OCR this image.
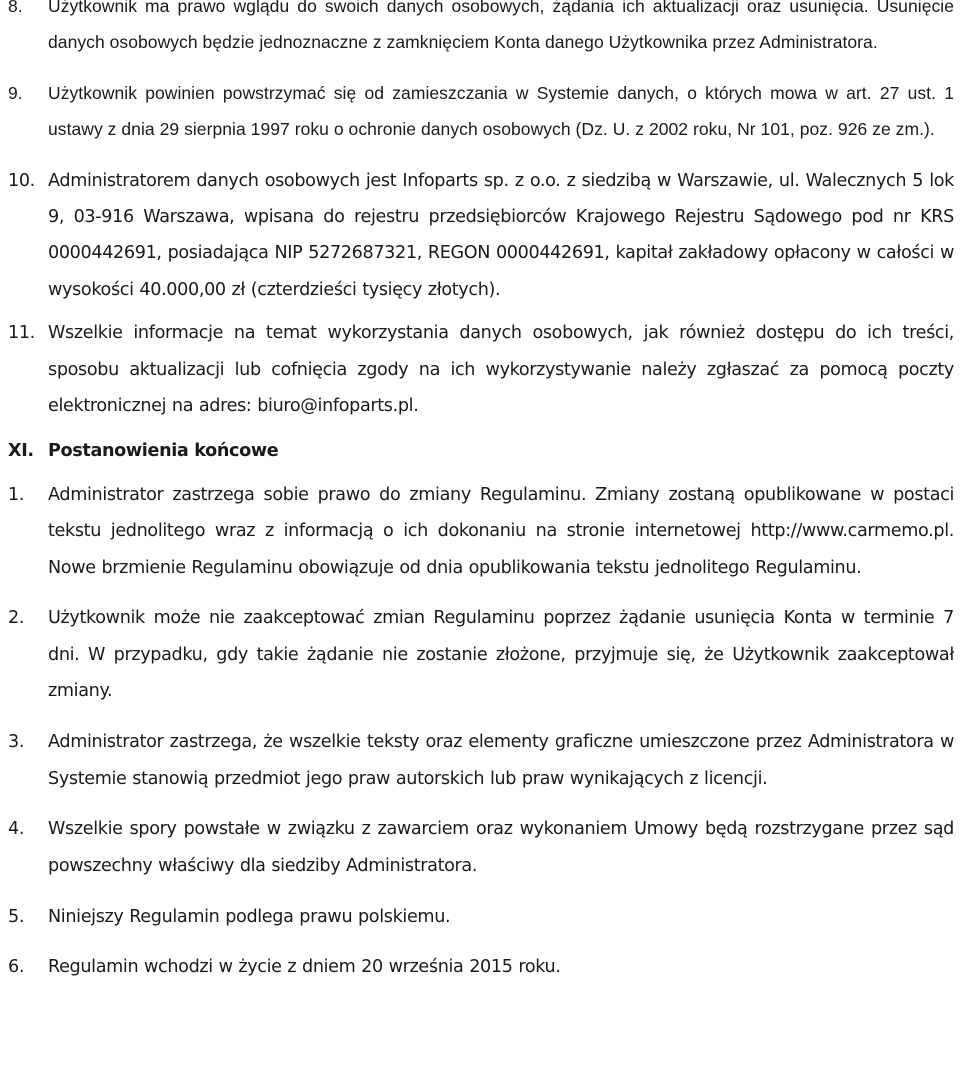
8. Użytkownik ma prawo wglądu do swoich danych osobowych, żądania ich aktualizacji oraz usunięcia. Usunięcie danych osobowych będzie jednoznaczne z zamknięciem Konta danego Użytkownika przez Administratora.
9. Użytkownik powinien powstrzymać się od zamieszczania w Systemie danych, o których mowa w art. 27 ust. 1 ustawy z dnia 29 sierpnia 1997 roku o ochronie danych osobowych (Dz. U. z 2002 roku, Nr 101, poz. 926 ze zm.).
10. Administratorem danych osobowych jest Infoparts sp. z o.o. z siedzibą w Warszawie, ul. Walecznych 5 lok 9, 03-916 Warszawa, wpisana do rejestru przedsiębiorców Krajowego Rejestru Sądowego pod nr KRS 0000442691, posiadająca NIP 5272687321, REGON 0000442691, kapitał zakładowy opłacony w całości w wysokości 40.000,00 zł (czterdzieści tysięcy złotych).
11. Wszelkie informacje na temat wykorzystania danych osobowych, jak również dostępu do ich treści, sposobu aktualizacji lub cofnięcia zgody na ich wykorzystywanie należy zgłaszać za pomocą poczty elektronicznej na adres: biuro@infoparts.pl.
XI. Postanowienia końcowe
1. Administrator zastrzega sobie prawo do zmiany Regulaminu. Zmiany zostaną opublikowane w postaci tekstu jednolitego wraz z informacją o ich dokonaniu na stronie internetowej http://www.carmemo.pl. Nowe brzmienie Regulaminu obowiązuje od dnia opublikowania tekstu jednolitego Regulaminu.
2. Użytkownik może nie zaakceptować zmian Regulaminu poprzez żądanie usunięcia Konta w terminie 7 dni. W przypadku, gdy takie żądanie nie zostanie złożone, przyjmuje się, że Użytkownik zaakceptował zmiany.
3. Administrator zastrzega, że wszelkie teksty oraz elementy graficzne umieszczone przez Administratora w Systemie stanowią przedmiot jego praw autorskich lub praw wynikających z licencji.
4. Wszelkie spory powstałe w związku z zawarciem oraz wykonaniem Umowy będą rozstrzygane przez sąd powszechny właściwy dla siedziby Administratora.
5. Niniejszy Regulamin podlega prawu polskiemu.
6. Regulamin wchodzi w życie z dniem 20 września 2015 roku.
